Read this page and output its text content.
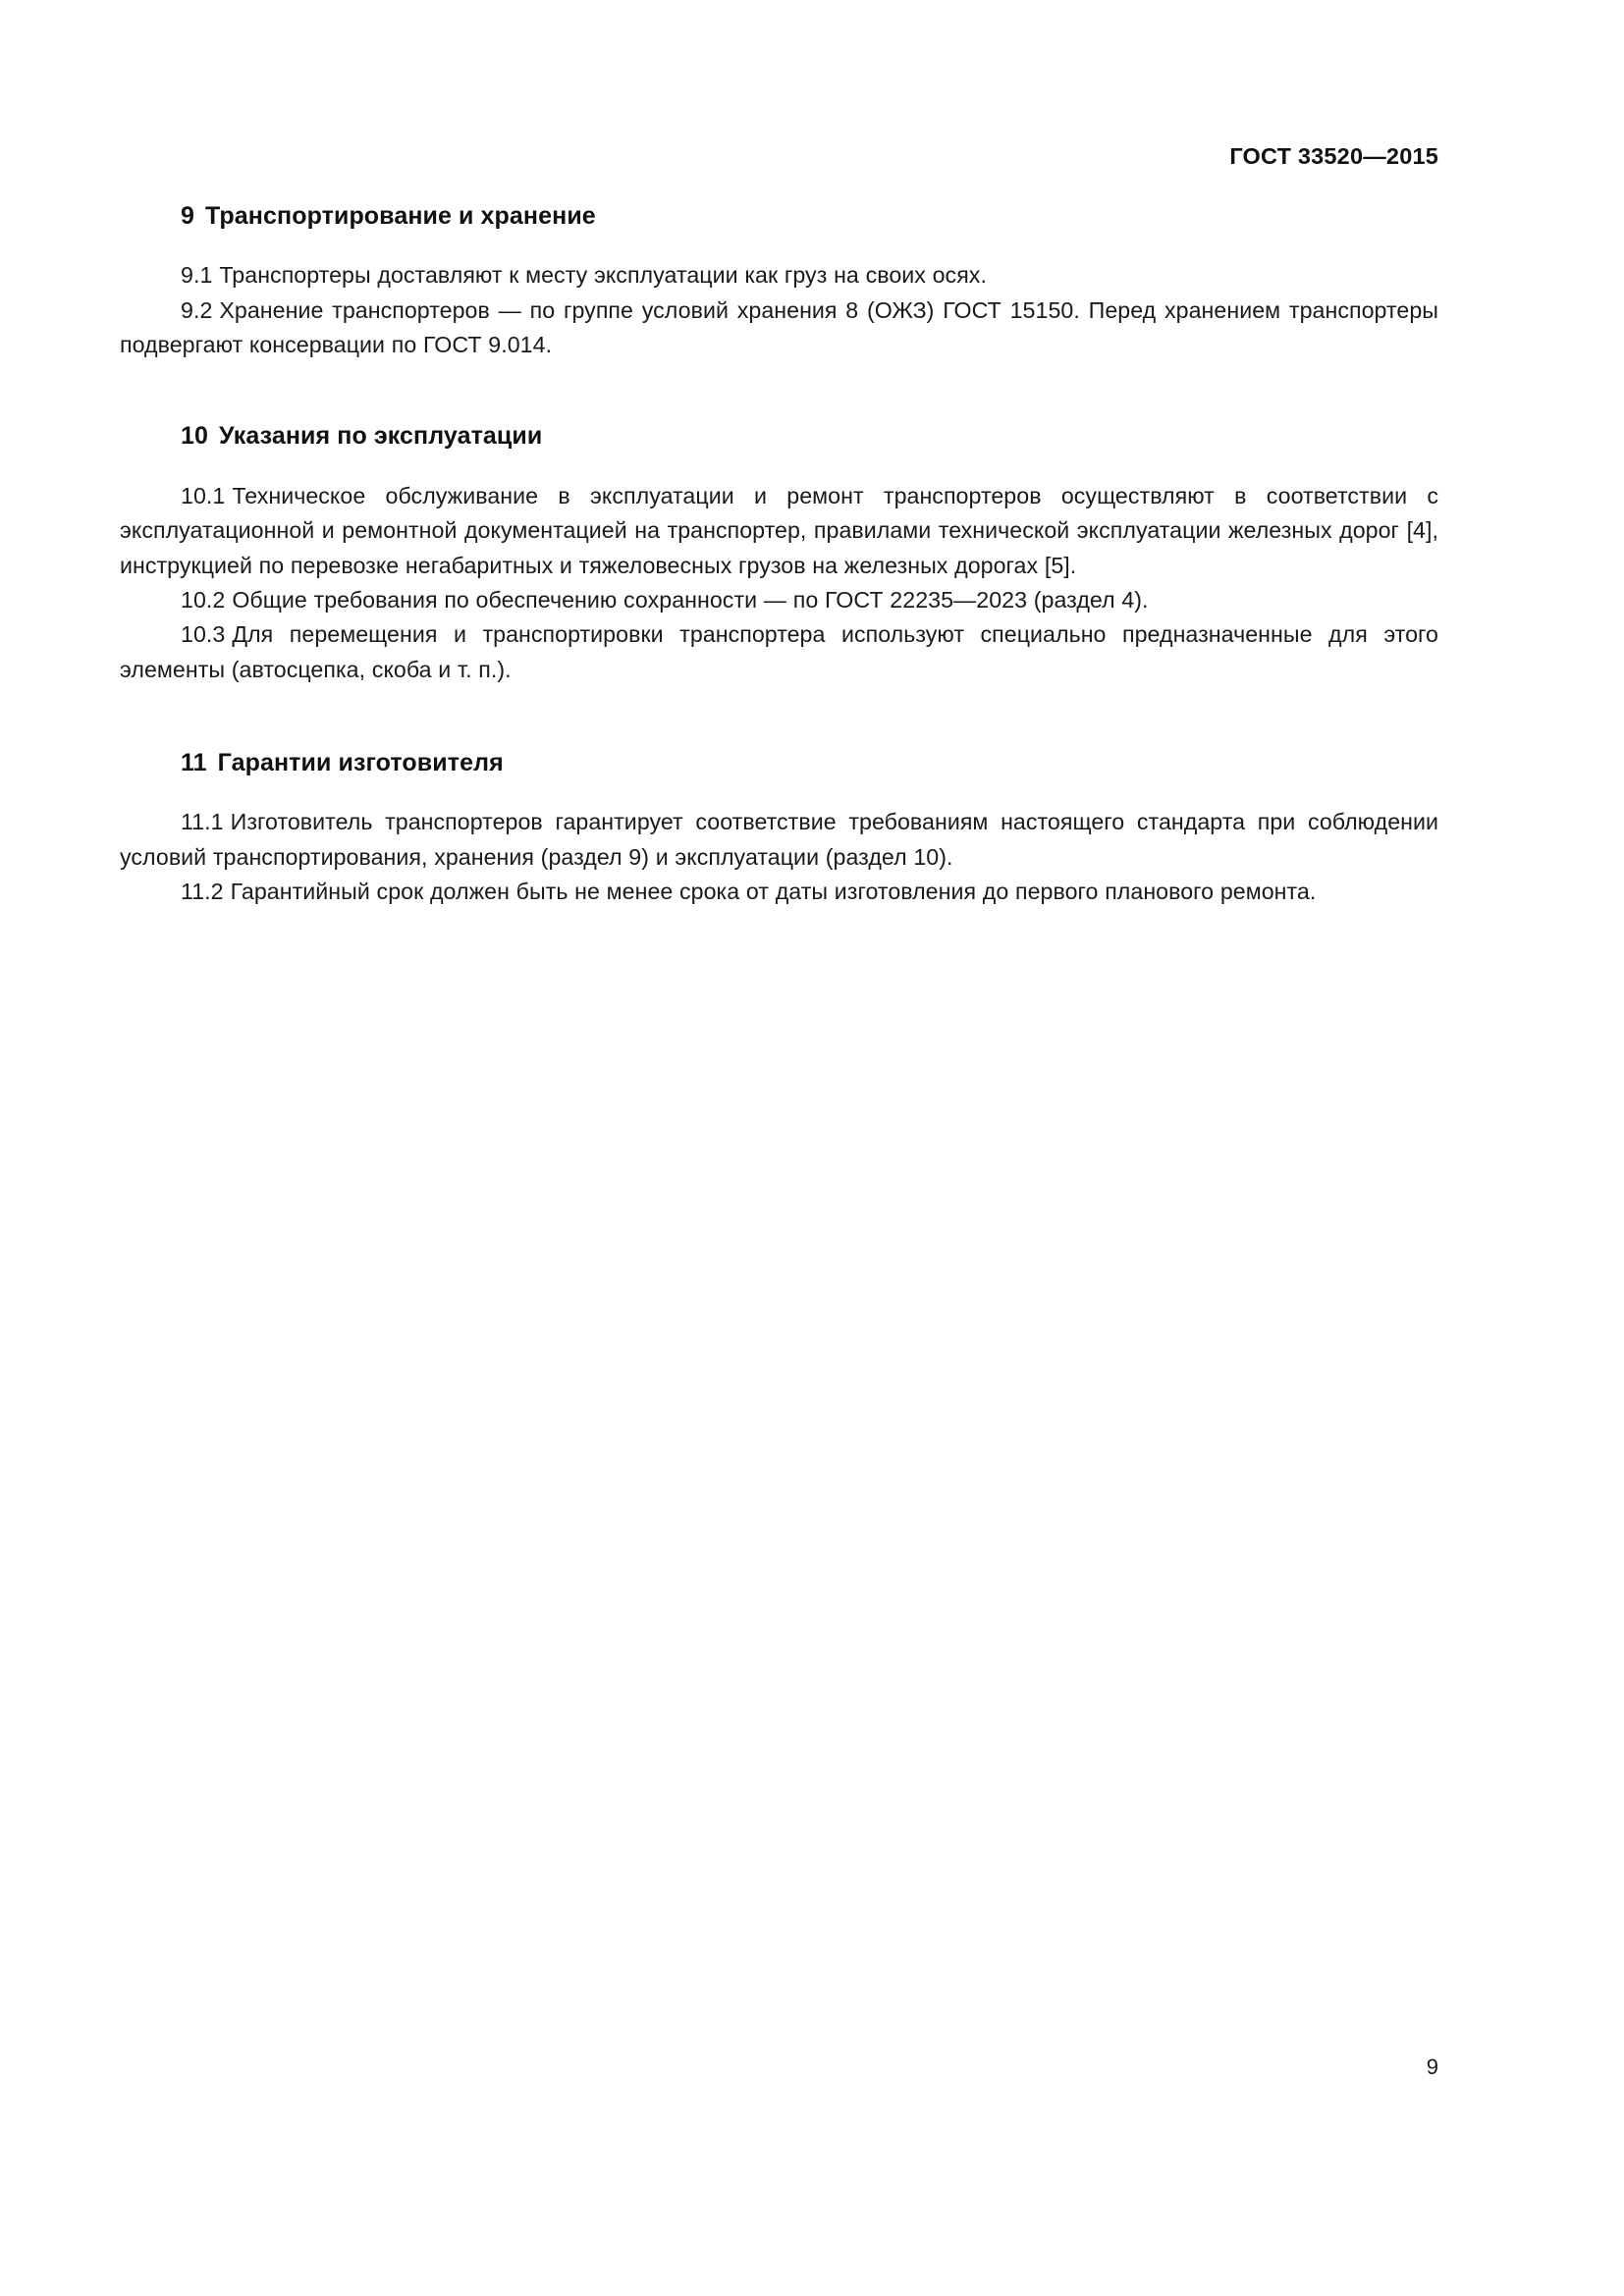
ГОСТ 33520—2015
9 Транспортирование и хранение

9.1 Транспортеры доставляют к месту эксплуатации как груз на своих осях.

9.2 Хранение транспортеров — по группе условий хранения 8 (ОЖЗ) ГОСТ 15150. Перед хранением транспортеры подвергают консервации по ГОСТ 9.014.

10 Указания по эксплуатации

10.1 Техническое обслуживание в эксплуатации и ремонт транспортеров осуществляют в соответствии с эксплуатационной и ремонтной документацией на транспортер, правилами технической эксплуатации железных дорог [4], инструкцией по перевозке негабаритных и тяжеловесных грузов на железных дорогах [5].

10.2 Общие требования по обеспечению сохранности — по ГОСТ 22235—2023 (раздел 4).

10.3 Для перемещения и транспортировки транспортера используют специально предназначенные для этого элементы (автосцепка, скоба и т. п.).

11 Гарантии изготовителя

11.1 Изготовитель транспортеров гарантирует соответствие требованиям настоящего стандарта при соблюдении условий транспортирования, хранения (раздел 9) и эксплуатации (раздел 10).

11.2 Гарантийный срок должен быть не менее срока от даты изготовления до первого планового ремонта.

9
